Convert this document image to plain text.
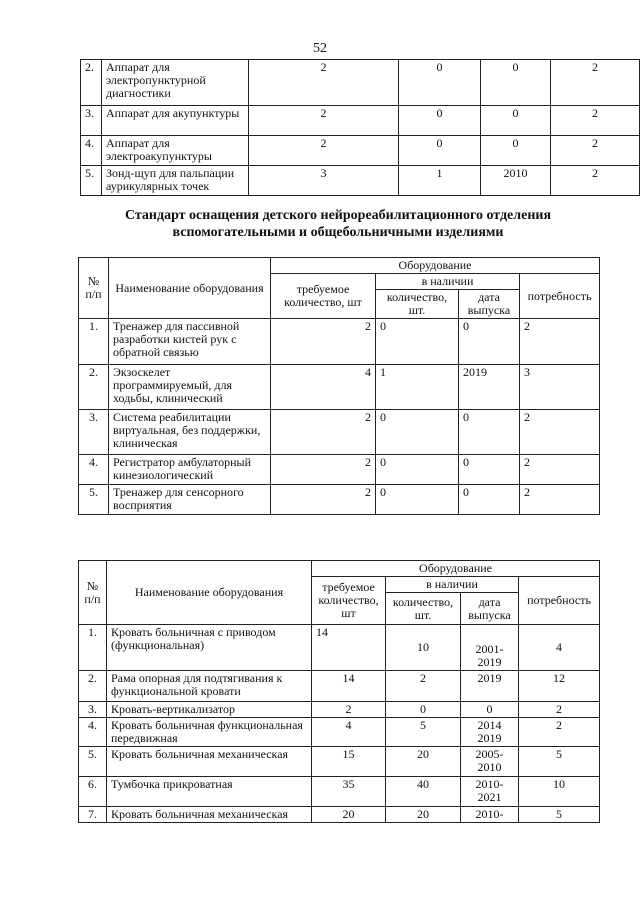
52
2.	Аппарат для электропунктурной диагностики	2	0	0	2
3.	Аппарат для акупунктуры	2	0	0	2
4.	Аппарат для электроакупунктуры	2	0	0	2
5.	Зонд-щуп для пальпации аурикулярных точек	3	1	2010	2
Стандарт оснащения детского нейрореабилитационного отделения
вспомогательными и общебольничными изделиями
№ п/п	Наименование оборудования	Оборудование			
		требуемое количество, шт	в наличии		потребность
			количество, шт.	дата выпуска	
1.	Тренажер для пассивной разработки кистей рук с обратной связью	2	0	0	2
2.	Экзоскелет программируемый, для ходьбы, клинический	4	1	2019	3
3.	Система реабилитации виртуальная, без поддержки, клиническая	2	0	0	2
4.	Регистратор амбулаторный кинезиологический	2	0	0	2
5.	Тренажер для сенсорного восприятия	2	0	0	2
№ п/п	Наименование оборудования	Оборудование			
		требуемое количество, шт	в наличии		потребность
			количество, шт.	дата выпуска	
1.	Кровать больничная с приводом (функциональная)	14	10	2001-2019	4
2.	Рама опорная для подтягивания к функциональной кровати	14	2	2019	12
3.	Кровать-вертикализатор	2	0	0	2
4.	Кровать больничная функциональная передвижная	4	5	2014 2019	2
5.	Кровать больничная механическая	15	20	2005-2010	5
6.	Тумбочка прикроватная	35	40	2010-2021	10
7.	Кровать больничная механическая	20	20	2010-	5
